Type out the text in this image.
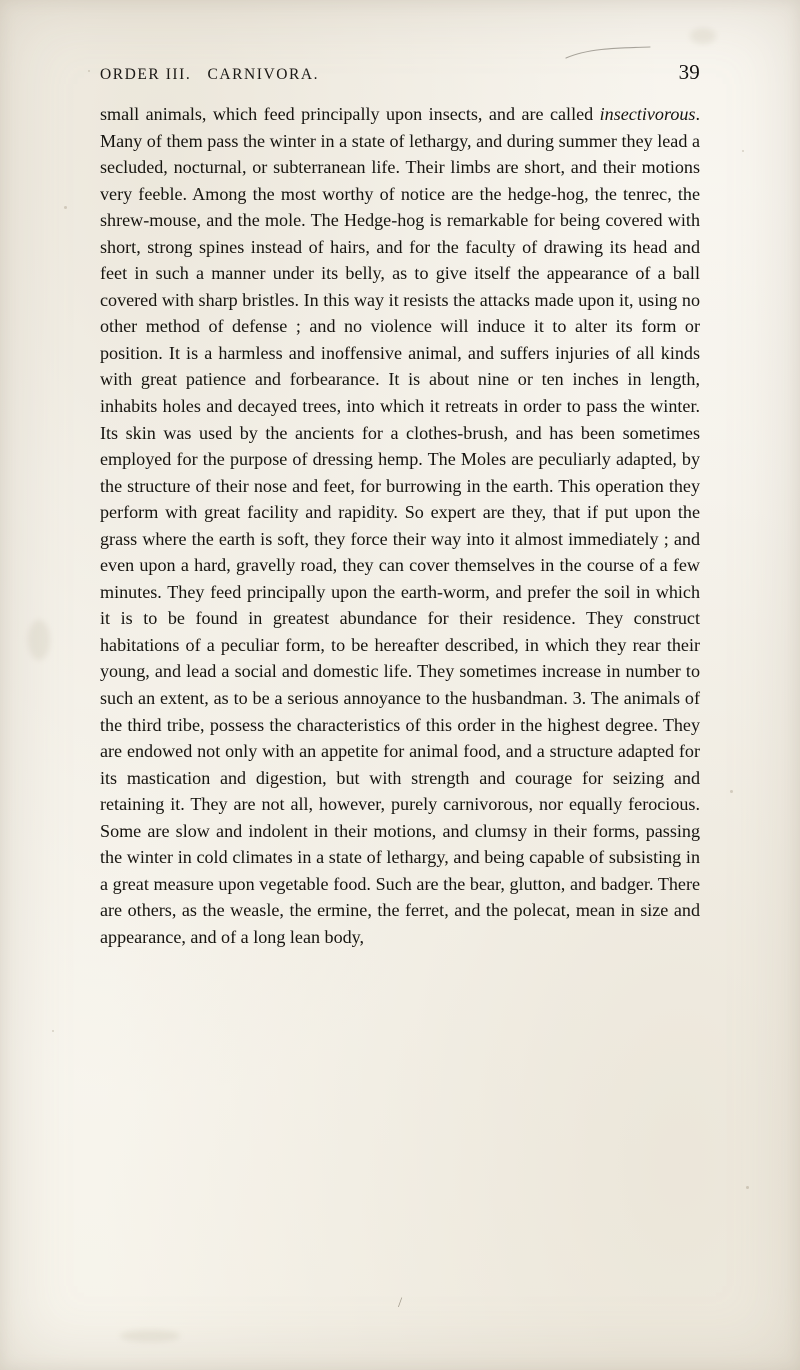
ORDER III.   CARNIVORA.	39
small animals, which feed principally upon insects, and are called insectivorous. Many of them pass the winter in a state of lethargy, and during summer they lead a secluded, nocturnal, or subterranean life. Their limbs are short, and their motions very feeble. Among the most worthy of notice are the hedge-hog, the tenrec, the shrew-mouse, and the mole. The Hedge-hog is remarkable for being covered with short, strong spines instead of hairs, and for the faculty of drawing its head and feet in such a manner under its belly, as to give itself the appearance of a ball covered with sharp bristles. In this way it resists the attacks made upon it, using no other method of defense ; and no violence will induce it to alter its form or position. It is a harmless and inoffensive animal, and suffers injuries of all kinds with great patience and forbearance. It is about nine or ten inches in length, inhabits holes and decayed trees, into which it retreats in order to pass the winter. Its skin was used by the ancients for a clothes-brush, and has been sometimes employed for the purpose of dressing hemp. The Moles are peculiarly adapted, by the structure of their nose and feet, for burrowing in the earth. This operation they perform with great facility and rapidity. So expert are they, that if put upon the grass where the earth is soft, they force their way into it almost immediately ; and even upon a hard, gravelly road, they can cover themselves in the course of a few minutes. They feed principally upon the earth-worm, and prefer the soil in which it is to be found in greatest abundance for their residence. They construct habitations of a peculiar form, to be hereafter described, in which they rear their young, and lead a social and domestic life. They sometimes increase in number to such an extent, as to be a serious annoyance to the husbandman. 3. The animals of the third tribe, possess the characteristics of this order in the highest degree. They are endowed not only with an appetite for animal food, and a structure adapted for its mastication and digestion, but with strength and courage for seizing and retaining it. They are not all, however, purely carnivorous, nor equally ferocious. Some are slow and indolent in their motions, and clumsy in their forms, passing the winter in cold climates in a state of lethargy, and being capable of subsisting in a great measure upon vegetable food. Such are the bear, glutton, and badger. There are others, as the weasle, the ermine, the ferret, and the polecat, mean in size and appearance, and of a long lean body,
/
